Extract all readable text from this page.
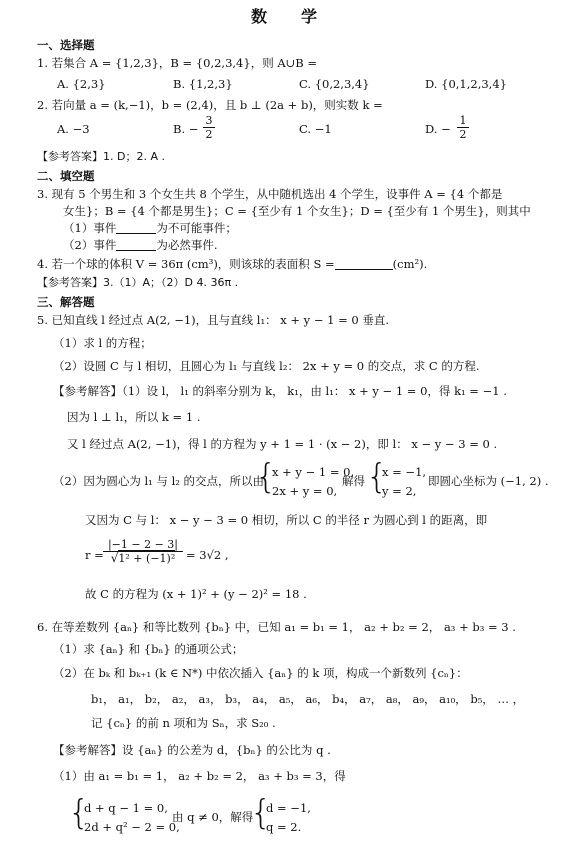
数　学
一、选择题
1. 若集合 A = {1,2,3}，B = {0,2,3,4}，则 A∪B =
A. {2,3}	B. {1,2,3}	C. {0,2,3,4}	D. {0,1,2,3,4}
2. 若向量 a = (k,−1)，b = (2,4)，且 b ⊥ (2a + b)，则实数 k =
A. −3	B. − $\frac{3}{2}$	C. −1	D. − $\frac{1}{2}$
【参考答案】1. D；2. A .
二、填空题
3. 现有 5 个男生和 3 个女生共 8 个学生，从中随机选出 4 个学生，设事件 A = {4 个都是
女生}；B = {4 个都是男生}；C = {至少有 1 个女生}；D = {至少有 1 个男生}，则其中
（1）事件	为不可能事件；
（2）事件	为必然事件.
4. 若一个球的体积 V = 36π (cm³)，则该球的表面积 S =	(cm²).
【参考答案】3.（1）A；（2）D 4. 36π .
三、解答题
5. 已知直线 l 经过点 A(2, −1)，且与直线 l₁： x + y − 1 = 0 垂直.
（1）求 l 的方程；
（2）设圆 C 与 l 相切，且圆心为 l₁ 与直线 l₂： 2x + y = 0 的交点，求 C 的方程.
【参考解答】（1）设 l， l₁ 的斜率分别为 k， k₁，由 l₁： x + y − 1 = 0，得 k₁ = −1 .
因为 l ⊥ l₁，所以 k = 1 .
又 l 经过点 A(2, −1)，得 l 的方程为 y + 1 = 1 · (x − 2)，即 l： x − y − 3 = 0 .
（2）因为圆心为 l₁ 与 l₂ 的交点，所以由
{
x + y − 1 = 0,
2x + y = 0,
解得 {
x = −1,
y = 2,
即圆心坐标为 (−1, 2) .
又因为 C 与 l： x − y − 3 = 0 相切，所以 C 的半径 r 为圆心到 l 的距离，即
$r = \frac{|-1 - 2 - 3|}{\text{√1² + (−1)²}} = 3√2$ ,
故 C 的方程为 (x + 1)² + (y − 2)² = 18 .
6. 在等差数列 {aₙ} 和等比数列 {bₙ} 中，已知 a₁ = b₁ = 1， a₂ + b₂ = 2， a₃ + b₃ = 3 .
（1）求 {aₙ} 和 {bₙ} 的通项公式；
（2）在 bₖ 和 bₖ₊₁ (k ∈ N*) 中依次插入 {aₙ} 的 k 项，构成一个新数列 {cₙ}：
b₁， a₁， b₂， a₂， a₃， b₃， a₄， a₅， a₆， b₄， a₇， a₈， a₉， a₁₀， b₅， … ，
记 {cₙ} 的前 n 项和为 Sₙ，求 S₂₀ .
【参考解答】设 {aₙ} 的公差为 d，{bₙ} 的公比为 q .
（1）由 a₁ = b₁ = 1， a₂ + b₂ = 2， a₃ + b₃ = 3，得
{
d + q − 1 = 0,
2d + q² − 2 = 0,
由 q ≠ 0，解得
{
d = −1,
q = 2.
